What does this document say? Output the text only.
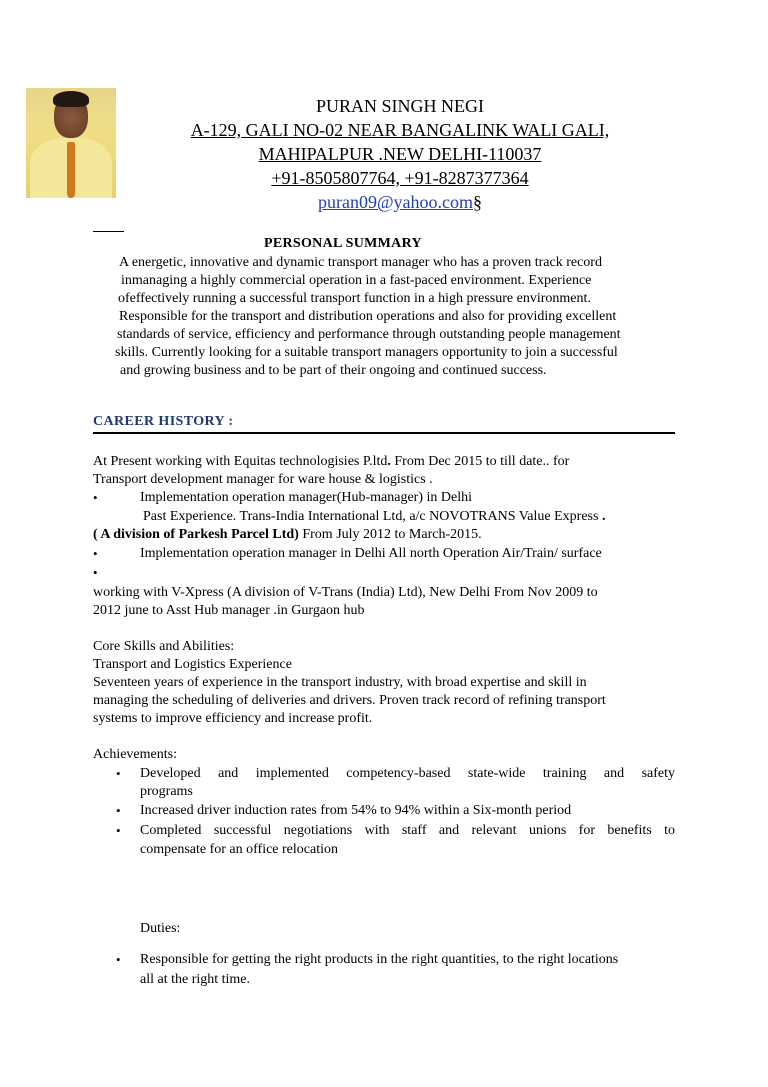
PURAN SINGH NEGI
A-129, GALI NO-02 NEAR BANGALINK WALI GALI,
MAHIPALPUR .NEW DELHI-110037
+91-8505807764, +91-8287377364
puran09@yahoo.com§
PERSONAL SUMMARY
A energetic, innovative and dynamic transport manager who has a proven track record
inmanaging a highly commercial operation in a fast-paced environment. Experience
ofeffectively running a successful transport function in a high pressure environment.
Responsible for the transport and distribution operations and also for providing excellent
standards of service, efficiency and performance through outstanding people management
skills. Currently looking for a suitable transport managers opportunity to join a successful
and growing business and to be part of their ongoing and continued success.
CAREER HISTORY :
At Present working with Equitas technologisies P.ltd. From Dec 2015 to till date.. for
Transport development manager for ware house & logistics .
•	Implementation operation manager(Hub-manager) in Delhi
Past Experience. Trans-India International Ltd, a/c NOVOTRANS Value Express .
( A division of Parkesh Parcel Ltd) From July 2012 to March-2015.
•	Implementation operation manager in Delhi All north Operation Air/Train/ surface
•
working with V-Xpress (A division of V-Trans (India) Ltd), New Delhi From Nov 2009 to
2012 june to Asst Hub manager .in Gurgaon hub
Core Skills and Abilities:
Transport and Logistics Experience
Seventeen years of experience in the transport industry, with broad expertise and skill in
managing the scheduling of deliveries and drivers. Proven track record of refining transport
systems to improve efficiency and increase profit.
Achievements:
• Developed and implemented competency-based state-wide training and safety
programs
• Increased driver induction rates from 54% to 94% within a Six-month period
• Completed successful negotiations with staff and relevant unions for benefits to
compensate for an office relocation
Duties:
• Responsible for getting the right products in the right quantities, to the right locations
all at the right time.
